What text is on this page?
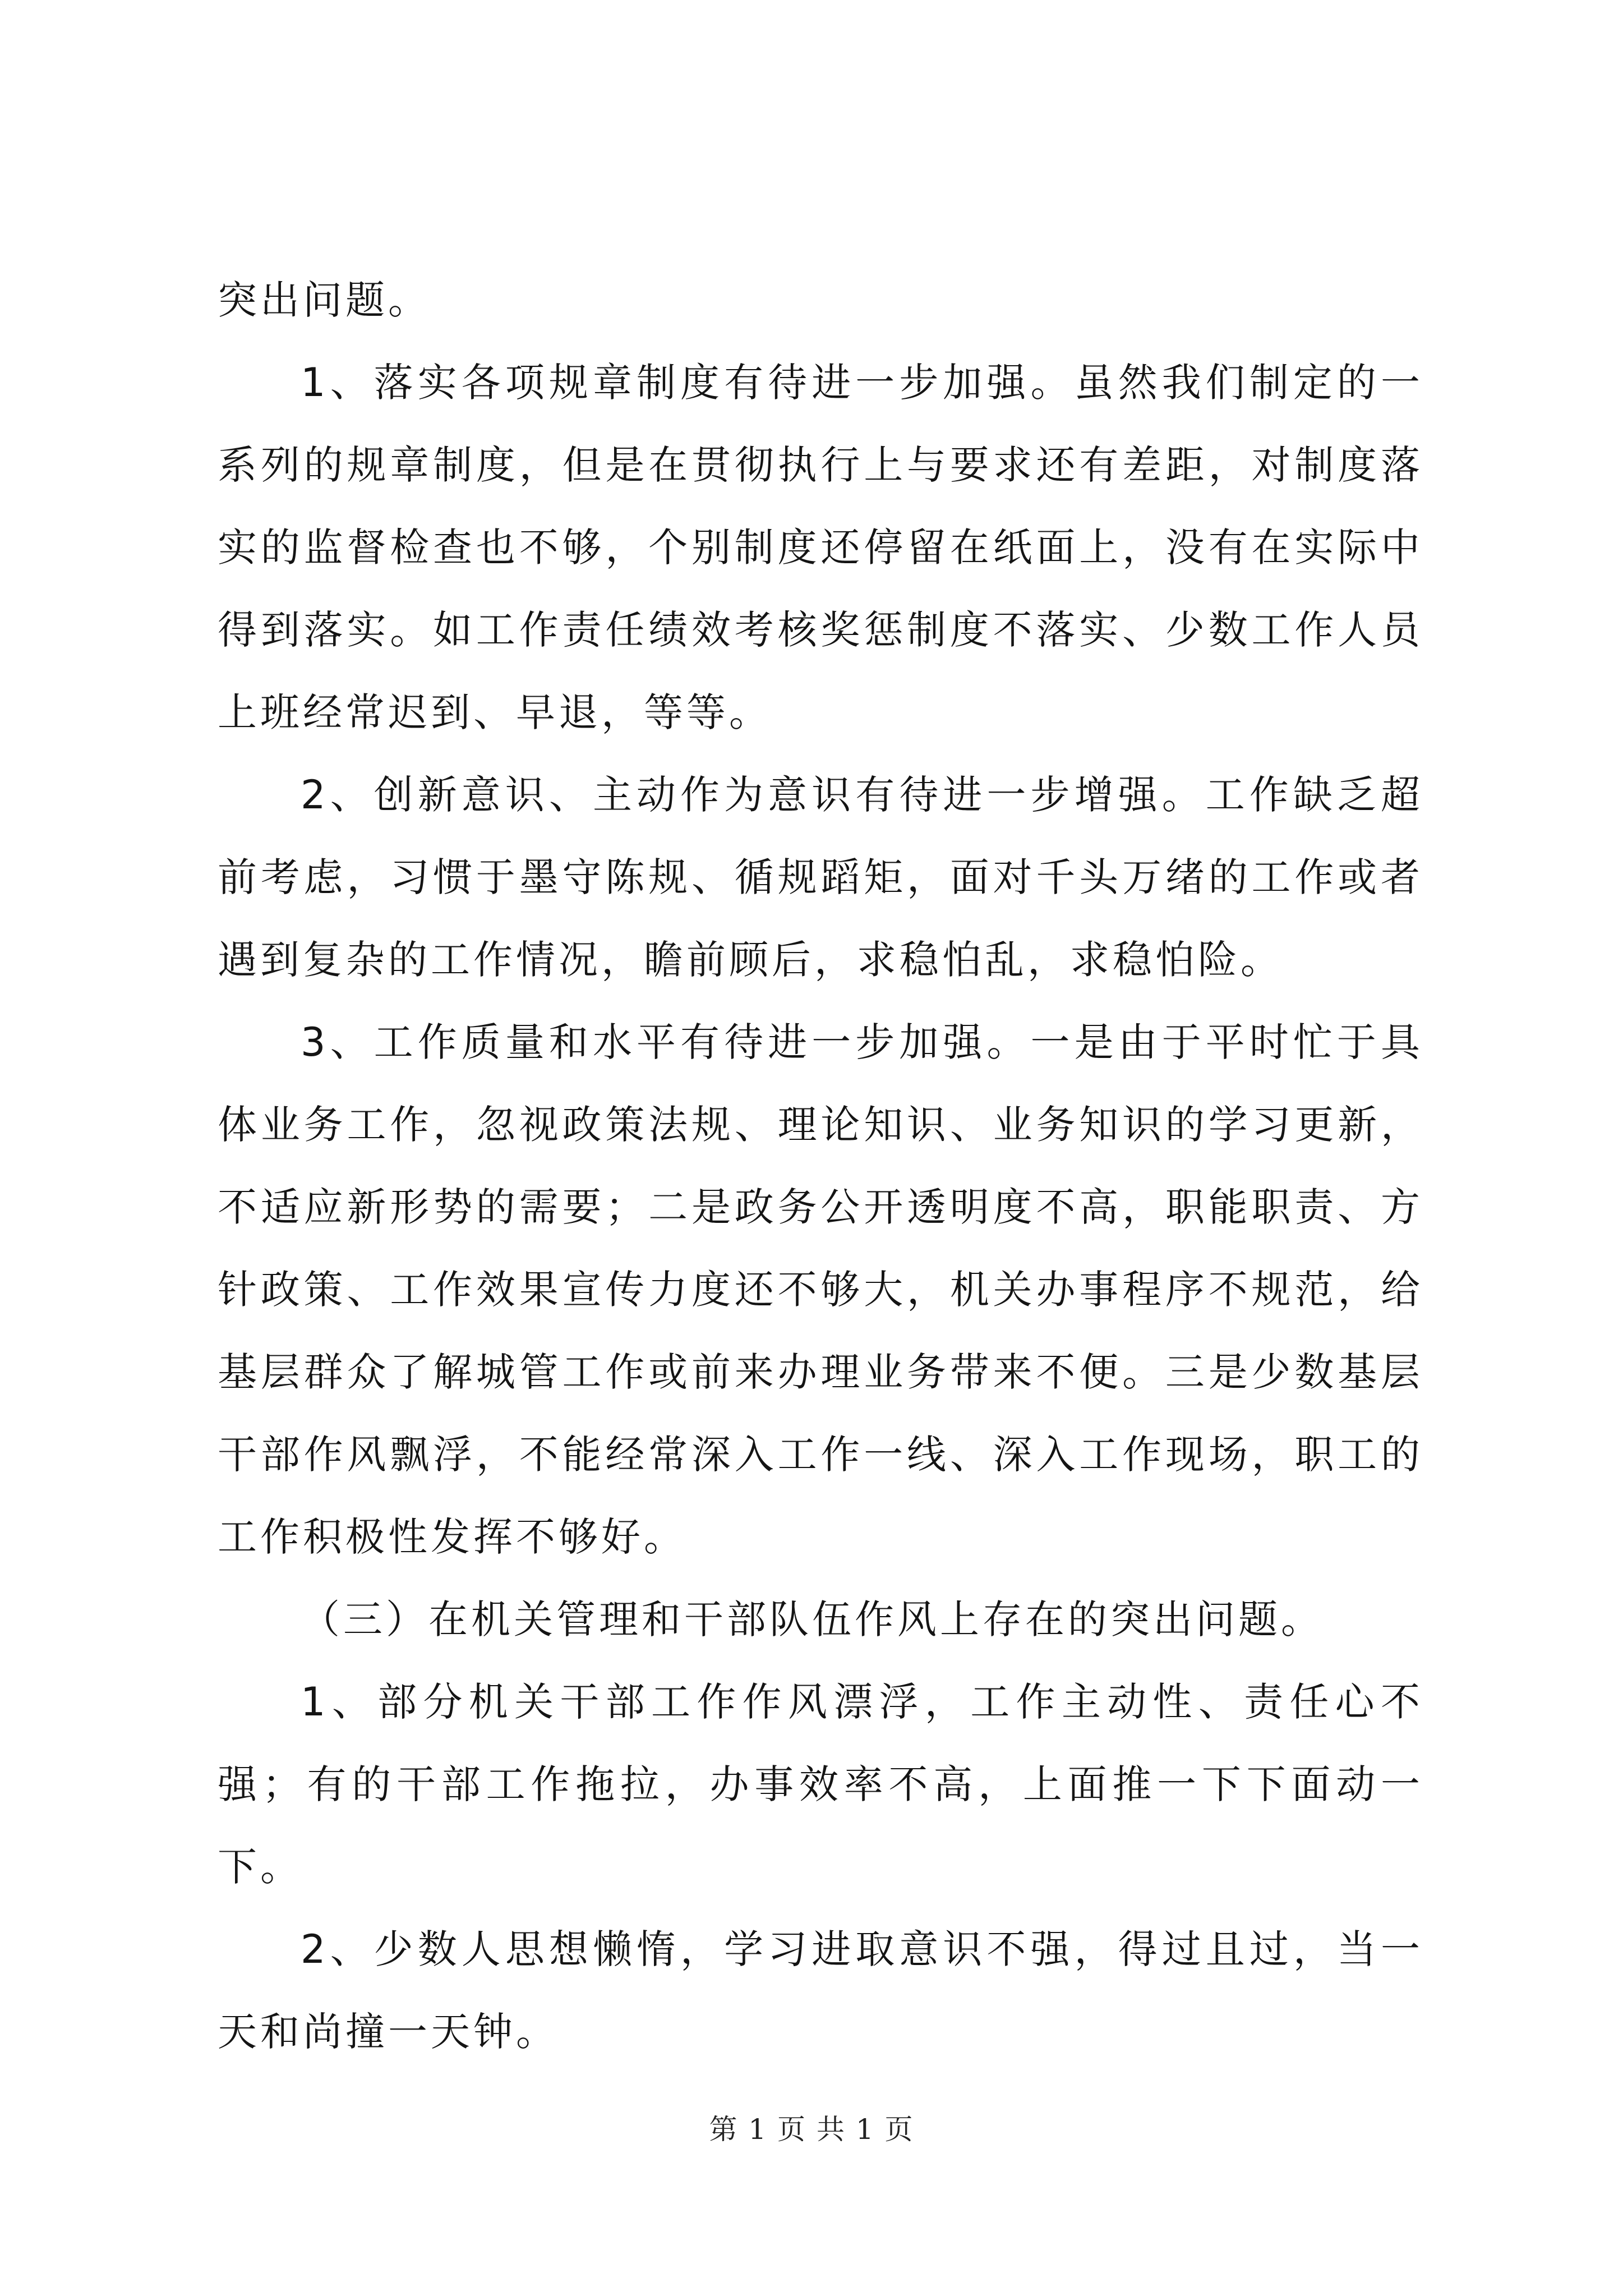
突出问题。

1、落实各项规章制度有待进一步加强。虽然我们制定的一系列的规章制度，但是在贯彻执行上与要求还有差距，对制度落实的监督检查也不够，个别制度还停留在纸面上，没有在实际中得到落实。如工作责任绩效考核奖惩制度不落实、少数工作人员上班经常迟到、早退，等等。

2、创新意识、主动作为意识有待进一步增强。工作缺乏超前考虑，习惯于墨守陈规、循规蹈矩，面对千头万绪的工作或者遇到复杂的工作情况，瞻前顾后，求稳怕乱，求稳怕险。

3、工作质量和水平有待进一步加强。一是由于平时忙于具体业务工作，忽视政策法规、理论知识、业务知识的学习更新，不适应新形势的需要；二是政务公开透明度不高，职能职责、方针政策、工作效果宣传力度还不够大，机关办事程序不规范，给基层群众了解城管工作或前来办理业务带来不便。三是少数基层干部作风飘浮，不能经常深入工作一线、深入工作现场，职工的工作积极性发挥不够好。

（三）在机关管理和干部队伍作风上存在的突出问题。

1、部分机关干部工作作风漂浮，工作主动性、责任心不强；有的干部工作拖拉，办事效率不高，上面推一下下面动一下。

2、少数人思想懒惰，学习进取意识不强，得过且过，当一天和尚撞一天钟。

第 1 页 共 1 页
